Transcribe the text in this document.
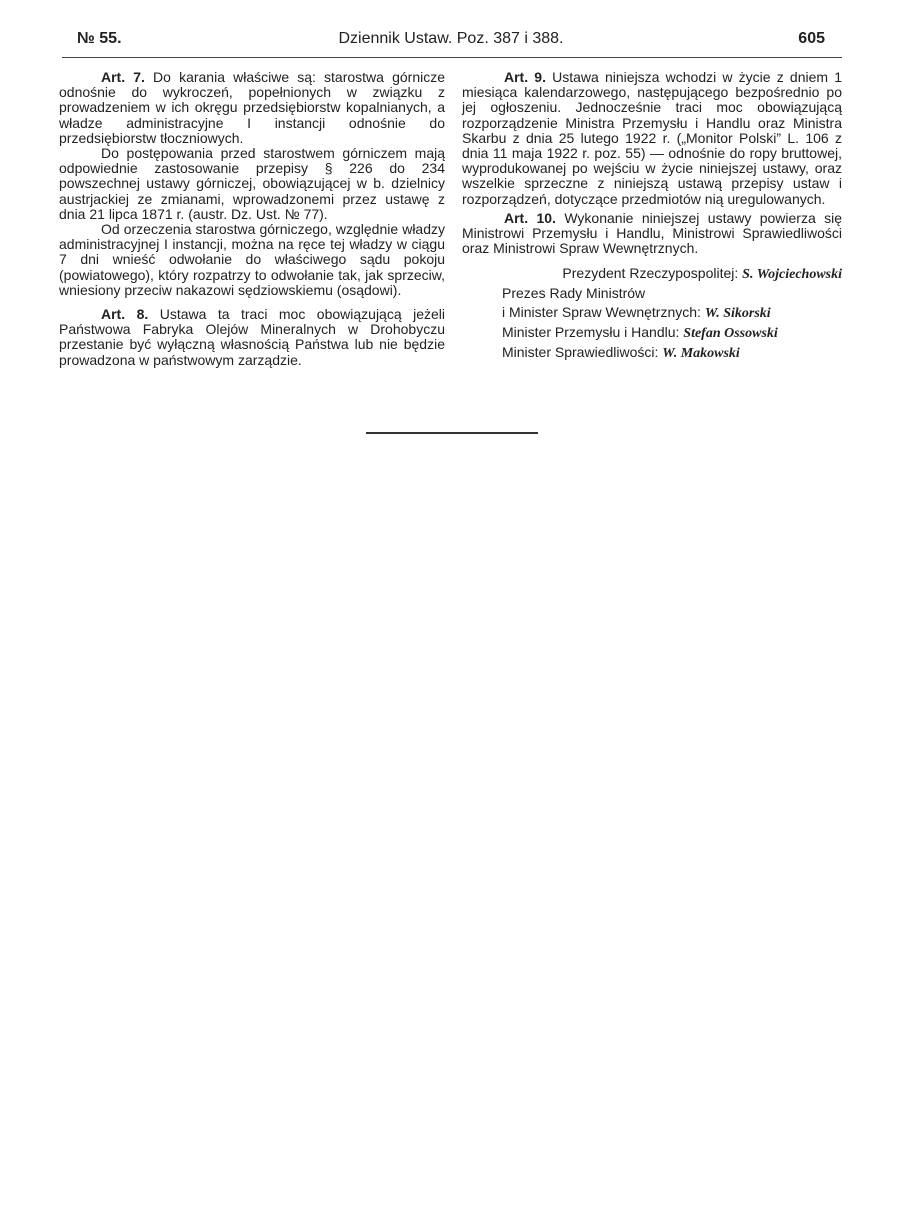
№ 55.	Dziennik Ustaw. Poz. 387 i 388.	605

Art. 7. Do karania właściwe są: starostwa górnicze odnośnie do wykroczeń, popełnionych w związku z prowadzeniem w ich okręgu przedsiębiorstw kopalnianych, a władze administracyjne I instancji odnośnie do przedsiębiorstw tłoczniowych.

Do postępowania przed starostwem górniczem mają odpowiednie zastosowanie przepisy § 226 do 234 powszechnej ustawy górniczej, obowiązującej w b. dzielnicy austrjackiej ze zmianami, wprowadzonemi przez ustawę z dnia 21 lipca 1871 r. (austr. Dz. Ust. № 77).

Od orzeczenia starostwa górniczego, względnie władzy administracyjnej I instancji, można na ręce tej władzy w ciągu 7 dni wnieść odwołanie do właściwego sądu pokoju (powiatowego), który rozpatrzy to odwołanie tak, jak sprzeciw, wniesiony przeciw nakazowi sędziowskiemu (osądowi).

Art. 8. Ustawa ta traci moc obowiązującą jeżeli Państwowa Fabryka Olejów Mineralnych w Drohobyczu przestanie być wyłączną własnością Państwa lub nie będzie prowadzona w państwowym zarządzie.

Art. 9. Ustawa niniejsza wchodzi w życie z dniem 1 miesiąca kalendarzowego, następującego bezpośrednio po jej ogłoszeniu. Jednocześnie traci moc obowiązującą rozporządzenie Ministra Przemysłu i Handlu oraz Ministra Skarbu z dnia 25 lutego 1922 r. („Monitor Polski” L. 106 z dnia 11 maja 1922 r. poz. 55) — odnośnie do ropy bruttowej, wyprodukowanej po wejściu w życie niniejszej ustawy, oraz wszelkie sprzeczne z niniejszą ustawą przepisy ustaw i rozporządzeń, dotyczące przedmiotów nią uregulowanych.

Art. 10. Wykonanie niniejszej ustawy powierza się Ministrowi Przemysłu i Handlu, Ministrowi Sprawiedliwości oraz Ministrowi Spraw Wewnętrznych.

Prezydent Rzeczypospolitej: S. Wojciechowski

Prezes Rady Ministrów

i Minister Spraw Wewnętrznych: W. Sikorski

Minister Przemysłu i Handlu: Stefan Ossowski

Minister Sprawiedliwości: W. Makowski
